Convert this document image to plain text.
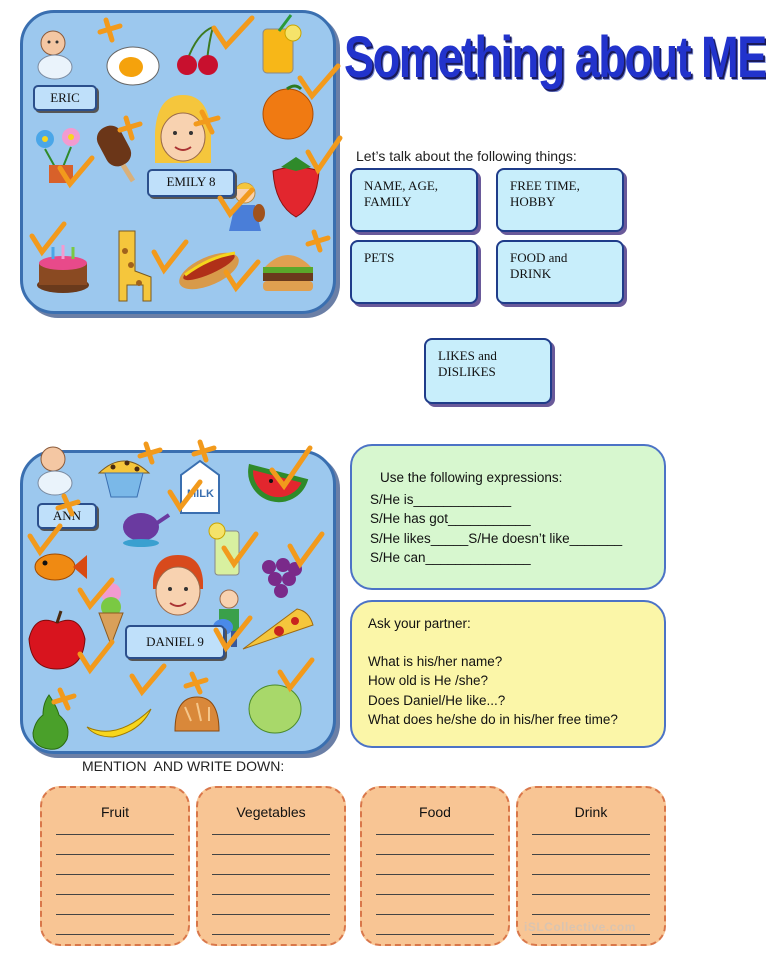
ERIC
EMILY 8
Something about ME
Let’s talk about the following things:
NAME, AGE,
FAMILY
FREE TIME,
HOBBY
PETS	FOOD and
DRINK
LIKES and
DISLIKES
MILK
ANN
DANIEL 9
Use the following expressions:
S/He is_____________
S/He has got___________
S/He likes_____S/He doesn’t like_______
S/He can______________
Ask your partner:
What is his/her name?
How old is He /she?
Does Daniel/He like...?
What does he/she do in his/her free time?
MENTION  AND WRITE DOWN:
Fruit	Vegetables	Food	Drink
iSLCollective.com
